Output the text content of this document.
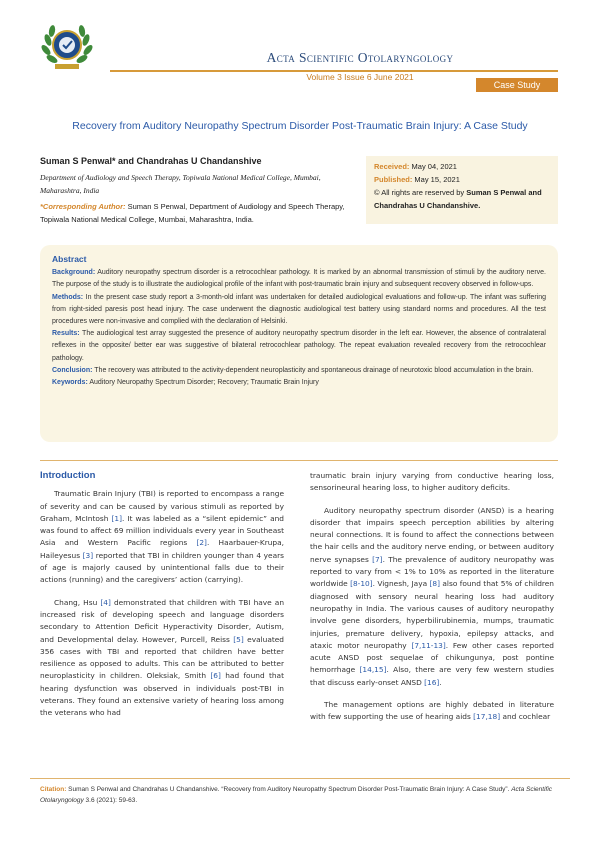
Acta Scientific Otolaryngology
Volume 3 Issue 6 June 2021
Case Study
Recovery from Auditory Neuropathy Spectrum Disorder Post-Traumatic Brain Injury: A Case Study
Suman S Penwal* and Chandrahas U Chandanshive
Department of Audiology and Speech Therapy, Topiwala National Medical College, Mumbai, Maharashtra, India
*Corresponding Author: Suman S Penwal, Department of Audiology and Speech Therapy, Topiwala National Medical College, Mumbai, Maharashtra, India.
Received: May 04, 2021
Published: May 15, 2021
© All rights are reserved by Suman S Penwal and Chandrahas U Chandanshive.
Abstract

Background: Auditory neuropathy spectrum disorder is a retrocochlear pathology. It is marked by an abnormal transmission of stimuli by the auditory nerve. The purpose of the study is to illustrate the audiological profile of the infant with post-traumatic brain injury and subsequent recovery observed in follow-ups.

Methods: In the present case study report a 3-month-old infant was undertaken for detailed audiological evaluations and follow-up. The infant was suffering from right-sided paresis post head injury. The case underwent the diagnostic audiological test battery using standard norms and procedures. All the test procedures were non-invasive and complied with the declaration of Helsinki.

Results: The audiological test array suggested the presence of auditory neuropathy spectrum disorder in the left ear. However, the absence of contralateral reflexes in the opposite/ better ear was suggestive of bilateral retrocochlear pathology. The repeat evaluation revealed recovery from the retrocochlear pathology.

Conclusion: The recovery was attributed to the activity-dependent neuroplasticity and spontaneous drainage of neurotoxic blood accumulation in the brain.

Keywords: Auditory Neuropathy Spectrum Disorder; Recovery; Traumatic Brain Injury

Introduction

Traumatic Brain Injury (TBI) is reported to encompass a range of severity and can be caused by various stimuli as reported by Graham, McIntosh [1]. It was labeled as a “silent epidemic” and was found to affect 69 million individuals every year in Southeast Asia and Western Pacific regions [2]. Haarbauer-Krupa, Haileyesus [3] reported that TBI in children younger than 4 years of age is majorly caused by unintentional falls due to their actions (running) and the caregivers’ action (carrying).

Chang, Hsu [4] demonstrated that children with TBI have an increased risk of developing speech and language disorders secondary to Attention Deficit Hyperactivity Disorder, Autism, and Developmental delay. However, Purcell, Reiss [5] evaluated 356 cases with TBI and reported that children have better resilience as opposed to adults. This can be attributed to better neuroplasticity in children. Oleksiak, Smith [6] had found that hearing dysfunction was observed in individuals post-TBI in veterans. They found an extensive variety of hearing loss among the veterans who had

traumatic brain injury varying from conductive hearing loss, sensorineural hearing loss, to higher auditory deficits.

Auditory neuropathy spectrum disorder (ANSD) is a hearing disorder that impairs speech perception abilities by altering neural connections. It is found to affect the connections between the hair cells and the auditory nerve ending, or between auditory nerve synapses [7]. The prevalence of auditory neuropathy was reported to vary from < 1% to 10% as reported in the literature worldwide [8-10]. Vignesh, Jaya [8] also found that 5% of children diagnosed with sensory neural hearing loss had auditory neuropathy in India. The various causes of auditory neuropathy involve gene disorders, hyperbilirubinemia, mumps, traumatic injuries, premature delivery, hypoxia, epilepsy attacks, and ataxic motor neuropathy [7,11-13]. Few other cases reported acute ANSD post sequelae of chikungunya, post pontine hemorrhage [14,15]. Also, there are very few western studies that discuss early-onset ANSD [16].

The management options are highly debated in literature with few supporting the use of hearing aids [17,18] and cochlear

Citation: Suman S Penwal and Chandrahas U Chandanshive. “Recovery from Auditory Neuropathy Spectrum Disorder Post-Traumatic Brain Injury: A Case Study”. Acta Scientific Otolaryngology 3.6 (2021): 59-63.
